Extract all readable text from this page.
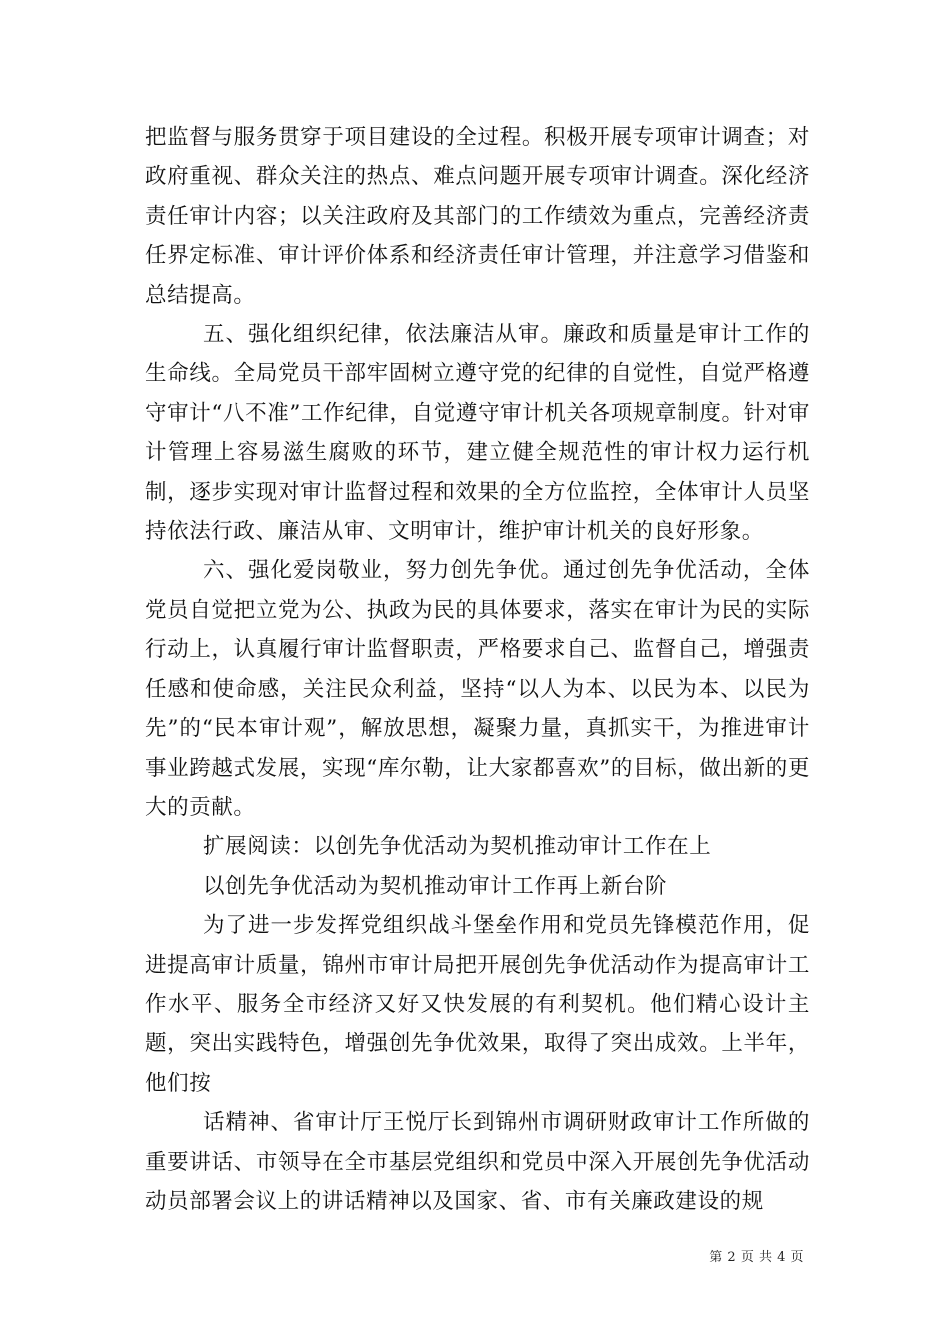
把监督与服务贯穿于项目建设的全过程。积极开展专项审计调查；对政府重视、群众关注的热点、难点问题开展专项审计调查。深化经济责任审计内容；以关注政府及其部门的工作绩效为重点，完善经济责任界定标准、审计评价体系和经济责任审计管理，并注意学习借鉴和总结提高。

五、强化组织纪律，依法廉洁从审。廉政和质量是审计工作的生命线。全局党员干部牢固树立遵守党的纪律的自觉性，自觉严格遵守审计“八不准”工作纪律，自觉遵守审计机关各项规章制度。针对审计管理上容易滋生腐败的环节，建立健全规范性的审计权力运行机制，逐步实现对审计监督过程和效果的全方位监控，全体审计人员坚持依法行政、廉洁从审、文明审计，维护审计机关的良好形象。

六、强化爱岗敬业，努力创先争优。通过创先争优活动，全体党员自觉把立党为公、执政为民的具体要求，落实在审计为民的实际行动上，认真履行审计监督职责，严格要求自己、监督自己，增强责任感和使命感，关注民众利益，坚持“以人为本、以民为本、以民为先”的“民本审计观”，解放思想，凝聚力量，真抓实干，为推进审计事业跨越式发展，实现“库尔勒，让大家都喜欢”的目标，做出新的更大的贡献。

扩展阅读：以创先争优活动为契机推动审计工作在上

以创先争优活动为契机推动审计工作再上新台阶

为了进一步发挥党组织战斗堡垒作用和党员先锋模范作用，促进提高审计质量，锦州市审计局把开展创先争优活动作为提高审计工作水平、服务全市经济又好又快发展的有利契机。他们精心设计主题，突出实践特色，增强创先争优效果，取得了突出成效。上半年，他们按

话精神、省审计厅王悦厅长到锦州市调研财政审计工作所做的重要讲话、市领导在全市基层党组织和党员中深入开展创先争优活动动员部署会议上的讲话精神以及国家、省、市有关廉政建设的规

第 2 页 共 4 页
